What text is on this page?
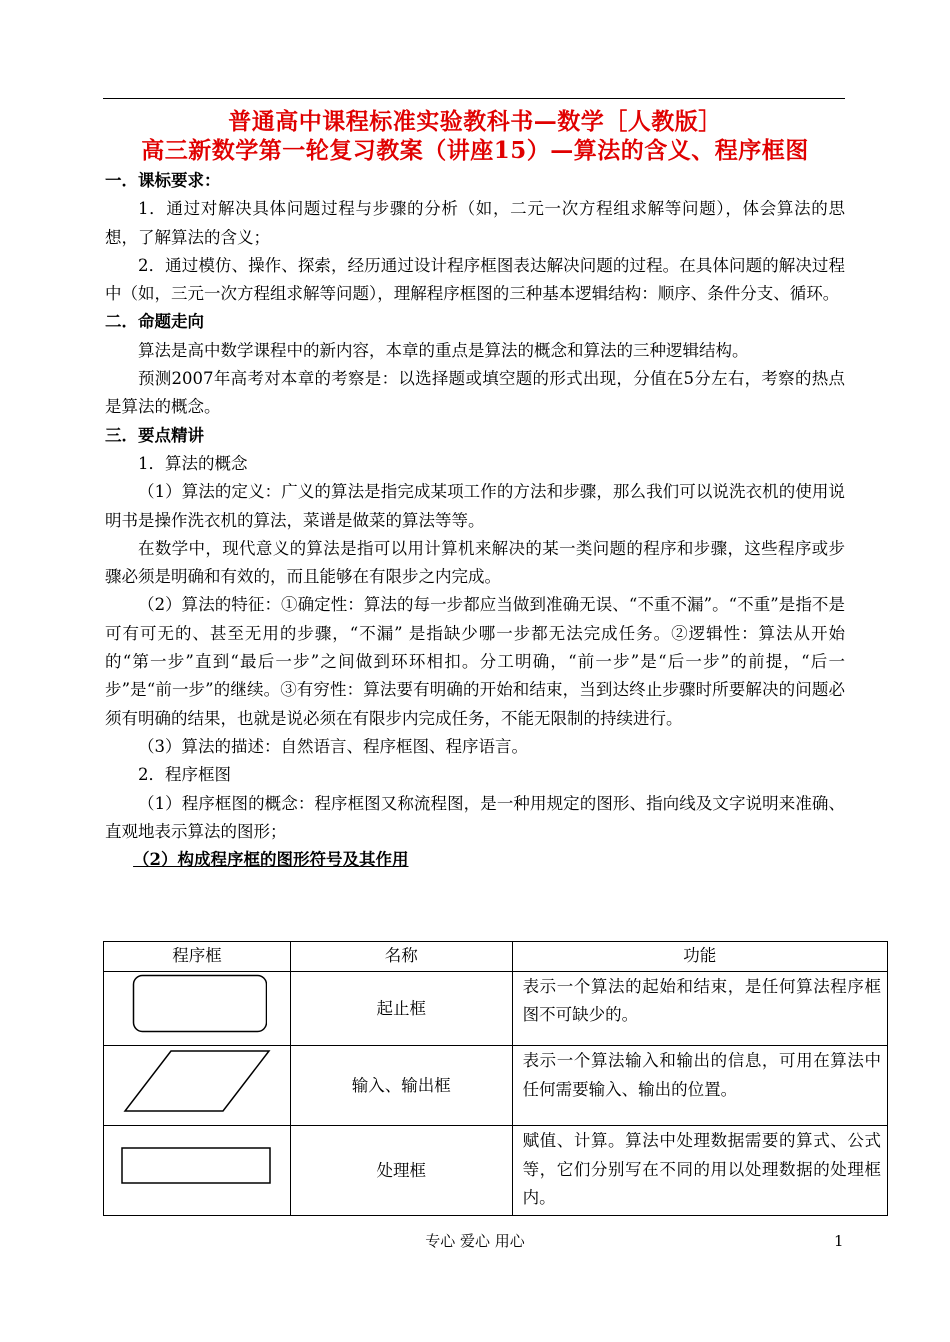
普通高中课程标准实验教科书—数学［人教版］
高三新数学第一轮复习教案（讲座15）—算法的含义、程序框图

一．课标要求：

1．通过对解决具体问题过程与步骤的分析（如，二元一次方程组求解等问题），体会算法的思想，了解算法的含义；

2．通过模仿、操作、探索，经历通过设计程序框图表达解决问题的过程。在具体问题的解决过程中（如，三元一次方程组求解等问题），理解程序框图的三种基本逻辑结构：顺序、条件分支、循环。

二．命题走向

算法是高中数学课程中的新内容，本章的重点是算法的概念和算法的三种逻辑结构。

预测2007年高考对本章的考察是：以选择题或填空题的形式出现，分值在5分左右，考察的热点是算法的概念。

三．要点精讲

1．算法的概念

（1）算法的定义：广义的算法是指完成某项工作的方法和步骤，那么我们可以说洗衣机的使用说明书是操作洗衣机的算法，菜谱是做菜的算法等等。

在数学中，现代意义的算法是指可以用计算机来解决的某一类问题的程序和步骤，这些程序或步骤必须是明确和有效的，而且能够在有限步之内完成。

（2）算法的特征：①确定性：算法的每一步都应当做到准确无误、“不重不漏”。“不重”是指不是可有可无的、甚至无用的步骤，“不漏” 是指缺少哪一步都无法完成任务。②逻辑性：算法从开始的“第一步”直到“最后一步”之间做到环环相扣。分工明确，“前一步”是“后一步”的前提，“后一步”是“前一步”的继续。③有穷性：算法要有明确的开始和结束，当到达终止步骤时所要解决的问题必须有明确的结果，也就是说必须在有限步内完成任务，不能无限制的持续进行。

（3）算法的描述：自然语言、程序框图、程序语言。

2．程序框图

（1）程序框图的概念：程序框图又称流程图，是一种用规定的图形、指向线及文字说明来准确、直观地表示算法的图形；

（2）构成程序框的图形符号及其作用

程序框	名称	功能
	起止框	表示一个算法的起始和结束，是任何算法程序框图不可缺少的。
	输入、输出框	表示一个算法输入和输出的信息，可用在算法中任何需要输入、输出的位置。
	处理框	赋值、计算。算法中处理数据需要的算式、公式等，它们分别写在不同的用以处理数据的处理框内。
专心 爱心 用心	1
